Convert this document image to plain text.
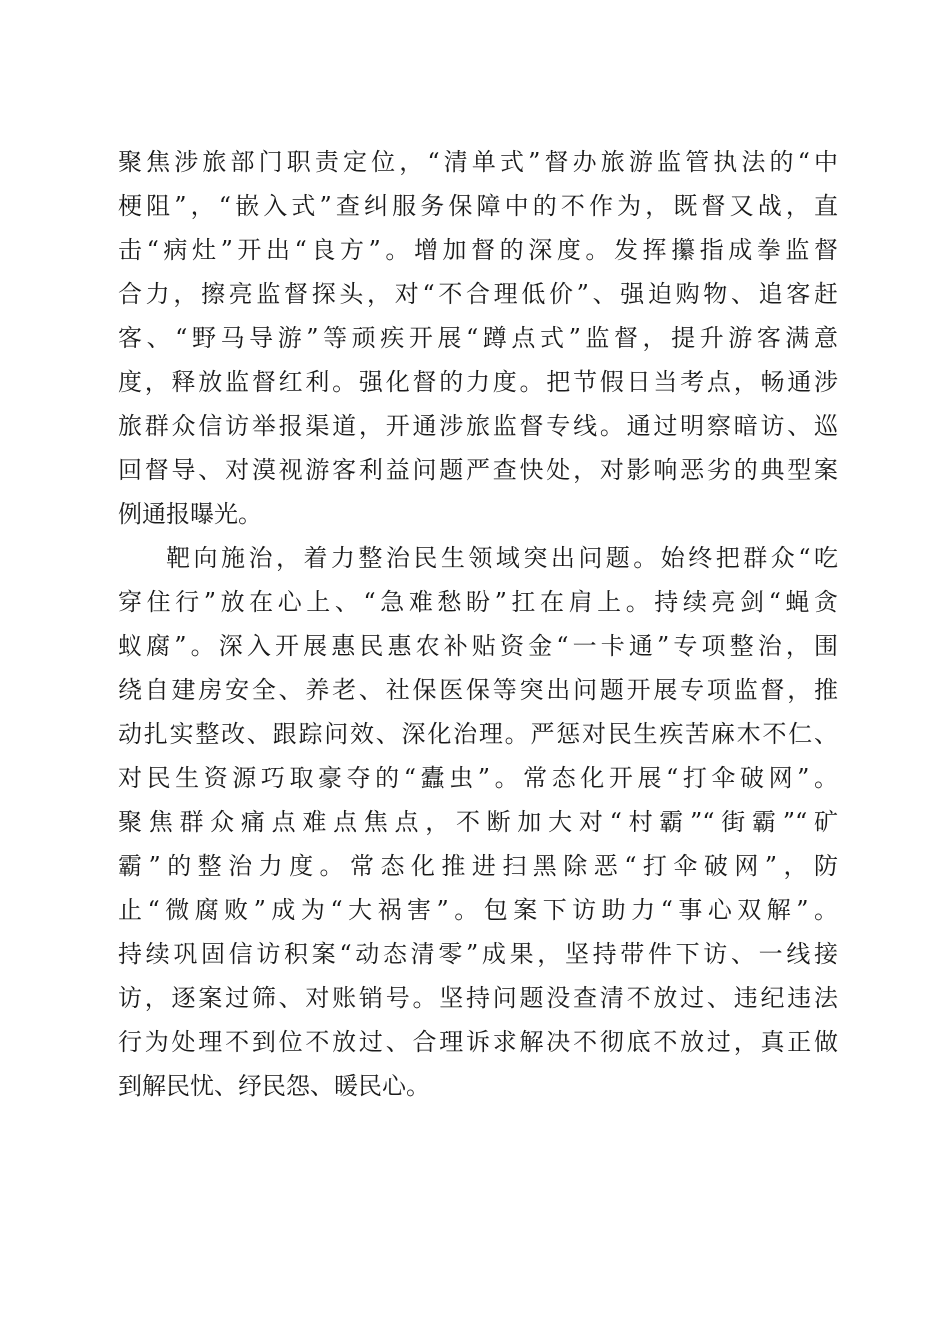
聚焦涉旅部门职责定位，“清单式”督办旅游监管执法的“中
梗阻”，“嵌入式”查纠服务保障中的不作为，既督又战，直
击“病灶”开出“良方”。增加督的深度。发挥攥指成拳监督
合力，擦亮监督探头，对“不合理低价”、强迫购物、追客赶
客、“野马导游”等顽疾开展“蹲点式”监督，提升游客满意
度，释放监督红利。强化督的力度。把节假日当考点，畅通涉
旅群众信访举报渠道，开通涉旅监督专线。通过明察暗访、巡
回督导、对漠视游客利益问题严查快处，对影响恶劣的典型案
例通报曝光。
靶向施治，着力整治民生领域突出问题。始终把群众“吃
穿住行”放在心上、“急难愁盼”扛在肩上。持续亮剑“蝇贪
蚁腐”。深入开展惠民惠农补贴资金“一卡通”专项整治，围
绕自建房安全、养老、社保医保等突出问题开展专项监督，推
动扎实整改、跟踪问效、深化治理。严惩对民生疾苦麻木不仁、
对民生资源巧取豪夺的“蠹虫”。常态化开展“打伞破网”。
聚焦群众痛点难点焦点，不断加大对“村霸”“街霸”“矿
霸”的整治力度。常态化推进扫黑除恶“打伞破网”，防
止“微腐败”成为“大祸害”。包案下访助力“事心双解”。
持续巩固信访积案“动态清零”成果，坚持带件下访、一线接
访，逐案过筛、对账销号。坚持问题没查清不放过、违纪违法
行为处理不到位不放过、合理诉求解决不彻底不放过，真正做
到解民忧、纾民怨、暖民心。
